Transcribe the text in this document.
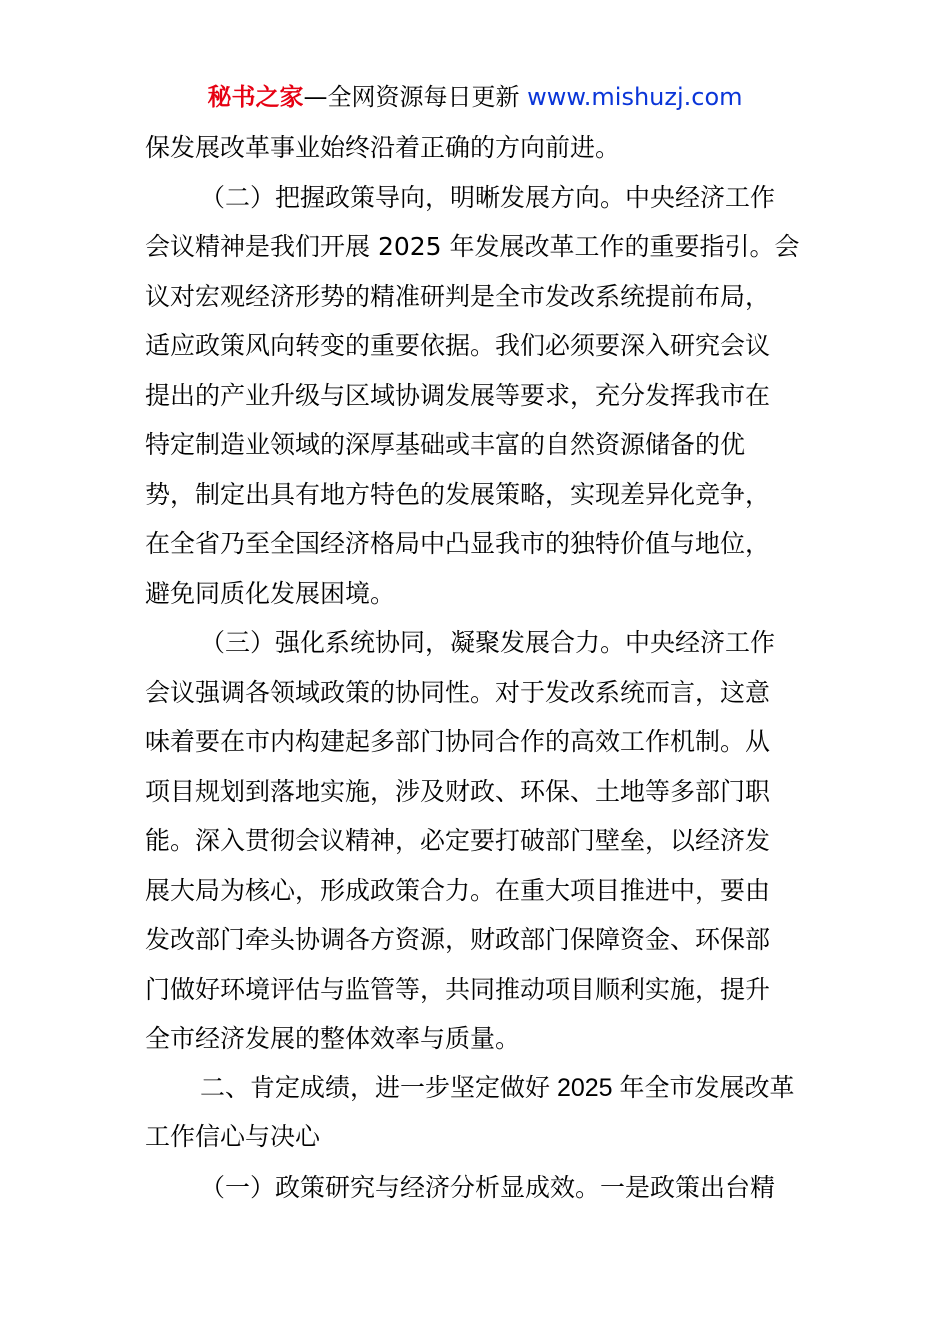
秘书之家—全网资源每日更新 www.mishuzj.com
保发展改革事业始终沿着正确的方向前进。
（二）把握政策导向，明晰发展方向。中央经济工作
会议精神是我们开展 2025 年发展改革工作的重要指引。会
议对宏观经济形势的精准研判是全市发改系统提前布局，
适应政策风向转变的重要依据。我们必须要深入研究会议
提出的产业升级与区域协调发展等要求，充分发挥我市在
特定制造业领域的深厚基础或丰富的自然资源储备的优
势，制定出具有地方特色的发展策略，实现差异化竞争，
在全省乃至全国经济格局中凸显我市的独特价值与地位，
避免同质化发展困境。
（三）强化系统协同，凝聚发展合力。中央经济工作
会议强调各领域政策的协同性。对于发改系统而言，这意
味着要在市内构建起多部门协同合作的高效工作机制。从
项目规划到落地实施，涉及财政、环保、土地等多部门职
能。深入贯彻会议精神，必定要打破部门壁垒，以经济发
展大局为核心，形成政策合力。在重大项目推进中，要由
发改部门牵头协调各方资源，财政部门保障资金、环保部
门做好环境评估与监管等，共同推动项目顺利实施，提升
全市经济发展的整体效率与质量。
二、肯定成绩，进一步坚定做好 2025 年全市发展改革
工作信心与决心
（一）政策研究与经济分析显成效。一是政策出台精
